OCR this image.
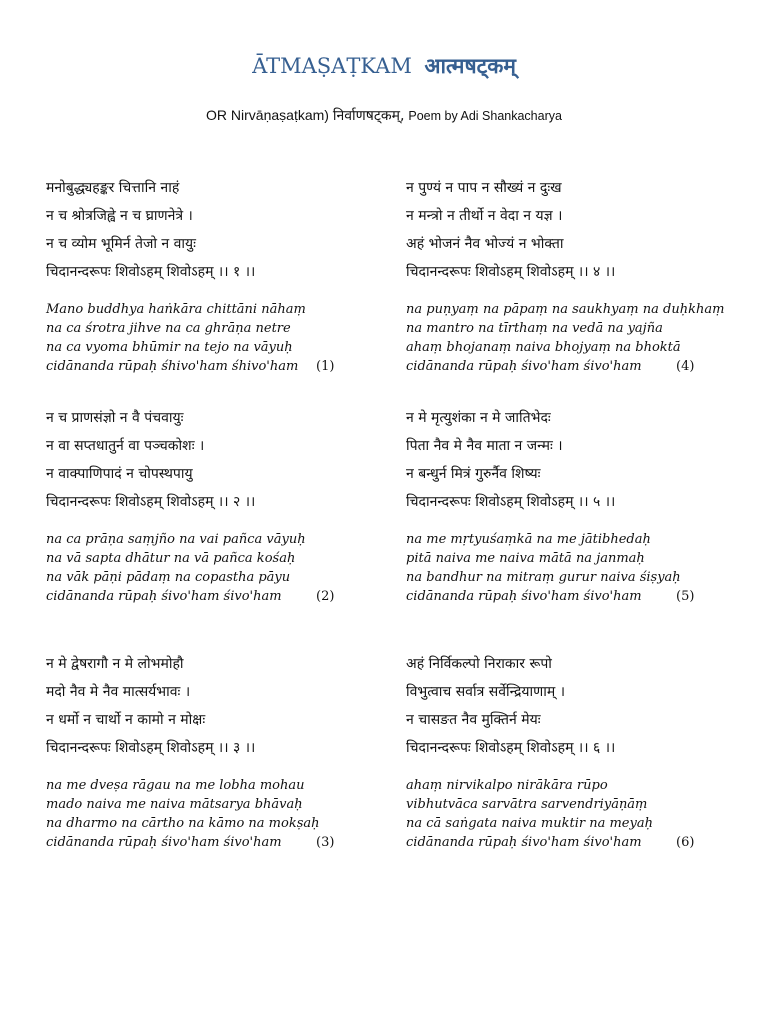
ĀTMAṢAṬKAM आत्मषट्कम्
OR Nirvāṇaṣaṭkam) निर्वाणषट्कम्, Poem by Adi Shankacharya
मनोबुद्ध्यहङ्कर चित्तानि नाहं
न च श्रोत्रजिह्वे न च घ्राणनेत्रे ।
न च व्योम भूमिर्न तेजो न वायुः
चिदानन्दरूपः शिवोऽहम् शिवोऽहम् ।। १ ।।
Mano buddhya haṅkāra chittāni nāhaṃ
na ca śrotra jihve na ca ghrāṇa netre
na ca vyoma bhūmir na tejo na vāyuḥ
cidānanda rūpaḥ śhivo'ham śhivo'ham (1)
न पुण्यं न पाप न सौख्यं न दुःख
न मन्त्रो न तीर्थो न वेदा न यज्ञ ।
अहं भोजनं नैव भोज्यं न भोक्ता
चिदानन्दरूपः शिवोऽहम् शिवोऽहम् ।। ४ ।।
na puṇyaṃ na pāpaṃ na saukhyaṃ na duḥkhaṃ
na mantro na tīrthaṃ na vedā na yajña
ahaṃ bhojanaṃ naiva bhojyaṃ na bhoktā
cidānanda rūpaḥ śivo'ham śivo'ham	(4)
न च प्राणसंज्ञो न वै पंचवायुः
न वा सप्तधातुर्न वा पञ्चकोशः ।
न वाक्पाणिपादं न चोपस्थपायु
चिदानन्दरूपः शिवोऽहम् शिवोऽहम् ।। २ ।।
na ca prāṇa saṃjño na vai pañca vāyuḥ
na vā sapta dhātur na vā pañca kośaḥ
na vāk pāṇi pādaṃ na copastha pāyu
cidānanda rūpaḥ śivo'ham śivo'ham	(2)
न मे मृत्युशंका न मे जातिभेदः
पिता नैव मे नैव माता न जन्मः ।
न बन्धुर्न मित्रं गुरुर्नैव शिष्यः
चिदानन्दरूपः शिवोऽहम् शिवोऽहम् ।। ५ ।।
na me mṛtyuśaṃkā na me jātibhedaḥ
pitā naiva me naiva mātā na janmaḥ
na bandhur na mitraṃ gurur naiva śiṣyaḥ
cidānanda rūpaḥ śivo'ham śivo'ham	(5)
न मे द्वेषरागौ न मे लोभमोहौ
मदो नैव मे नैव मात्सर्यभावः ।
न धर्मो न चार्थो न कामो न मोक्षः
चिदानन्दरूपः शिवोऽहम् शिवोऽहम् ।। ३ ।।
na me dveṣa rāgau na me lobha mohau
mado naiva me naiva mātsarya bhāvaḥ
na dharmo na cārtho na kāmo na mokṣaḥ
cidānanda rūpaḥ śivo'ham śivo'ham	(3)
अहं निर्विकल्पो निराकार रूपो
विभुत्वाच सर्वात्र सर्वेन्द्रियाणाम् ।
न चासङत नैव मुक्तिर्न मेयः
चिदानन्दरूपः शिवोऽहम् शिवोऽहम् ।। ६ ।।
ahaṃ nirvikalpo nirākāra rūpo
vibhutvāca sarvātra sarvendriyāṇāṃ
na cā saṅgata naiva muktir na meyaḥ
cidānanda rūpaḥ śivo'ham śivo'ham	(6)
